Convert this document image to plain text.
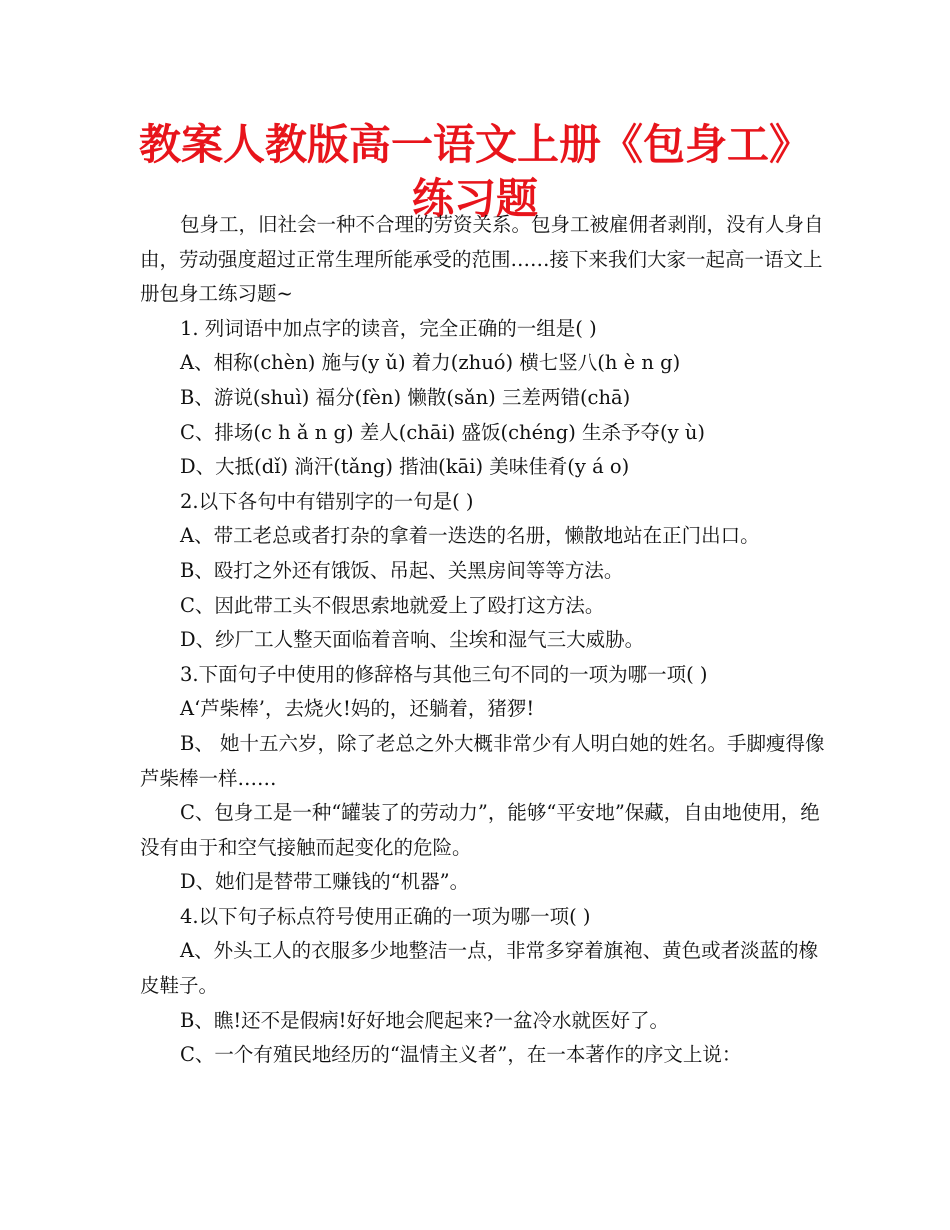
教案人教版高一语文上册《包身工》练习题

包身工，旧社会一种不合理的劳资关系。包身工被雇佣者剥削，没有人身自由，劳动强度超过正常生理所能承受的范围……接下来我们大家一起高一语文上册包身工练习题~

1. 列词语中加点字的读音，完全正确的一组是( )

A、相称(chèn) 施与(y ǔ) 着力(zhuó) 横七竖八(h è n g)

B、游说(shuì) 福分(fèn) 懒散(sǎn) 三差两错(chā)

C、排场(c h ǎ n g) 差人(chāi) 盛饭(chéng) 生杀予夺(y ù)

D、大抵(dǐ) 淌汗(tǎng) 揩油(kāi) 美味佳肴(y á o)

2.以下各句中有错别字的一句是( )

A、带工老总或者打杂的拿着一迭迭的名册，懒散地站在正门出口。

B、殴打之外还有饿饭、吊起、关黑房间等等方法。

C、因此带工头不假思索地就爱上了殴打这方法。

D、纱厂工人整天面临着音响、尘埃和湿气三大威胁。

3.下面句子中使用的修辞格与其他三句不同的一项为哪一项( )

A‘芦柴棒’，去烧火!妈的，还躺着，猪猡!

B、 她十五六岁，除了老总之外大概非常少有人明白她的姓名。手脚瘦得像芦柴棒一样……

C、包身工是一种“罐装了的劳动力”，能够“平安地”保藏，自由地使用，绝没有由于和空气接触而起变化的危险。

D、她们是替带工赚钱的“机器”。

4.以下句子标点符号使用正确的一项为哪一项( )

A、外头工人的衣服多少地整洁一点，非常多穿着旗袍、黄色或者淡蓝的橡皮鞋子。

B、瞧!还不是假病!好好地会爬起来?一盆冷水就医好了。

C、一个有殖民地经历的“温情主义者”，在一本著作的序文上说：
